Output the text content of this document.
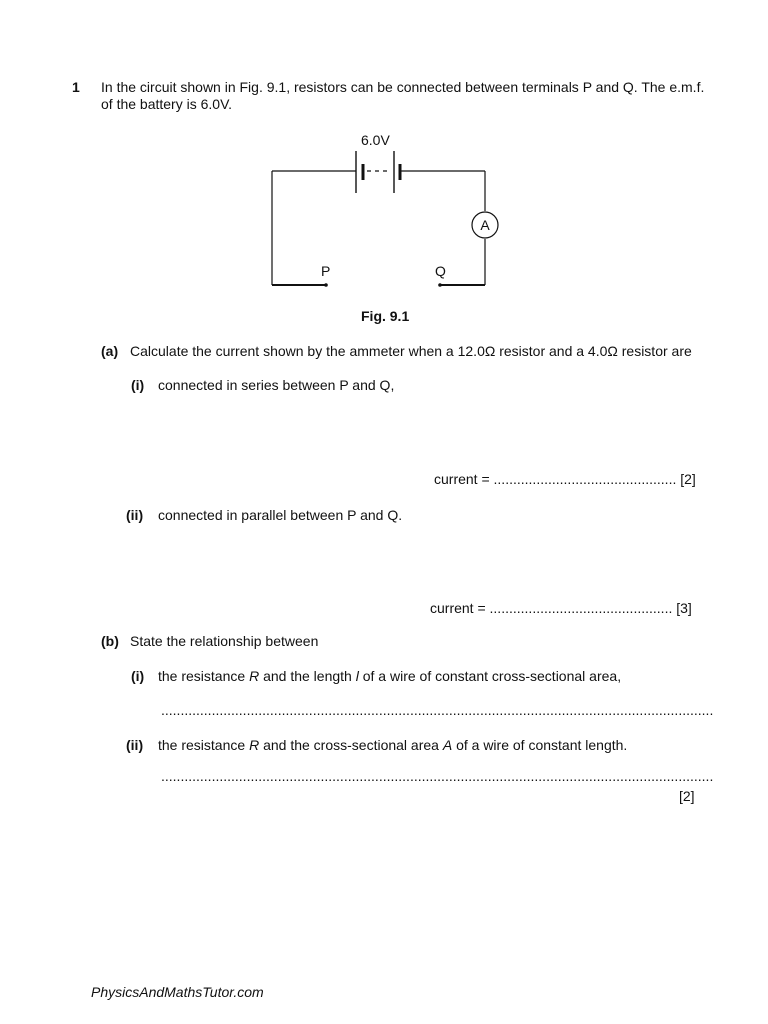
1 In the circuit shown in Fig. 9.1, resistors can be connected between terminals P and Q. The e.m.f. of the battery is 6.0V.
6.0V
A
P	Q
Fig. 9.1
(a) Calculate the current shown by the ammeter when a 12.0Ω resistor and a 4.0Ω resistor are
(i) connected in series between P and Q,
current = ............................................... [2]
(ii) connected in parallel between P and Q.
current = ............................................... [3]
(b) State the relationship between
(i) the resistance R and the length l of a wire of constant cross-sectional area,
..............................................................................................................................................
(ii) the resistance R and the cross-sectional area A of a wire of constant length.
..............................................................................................................................................
[2]
PhysicsAndMathsTutor.com
